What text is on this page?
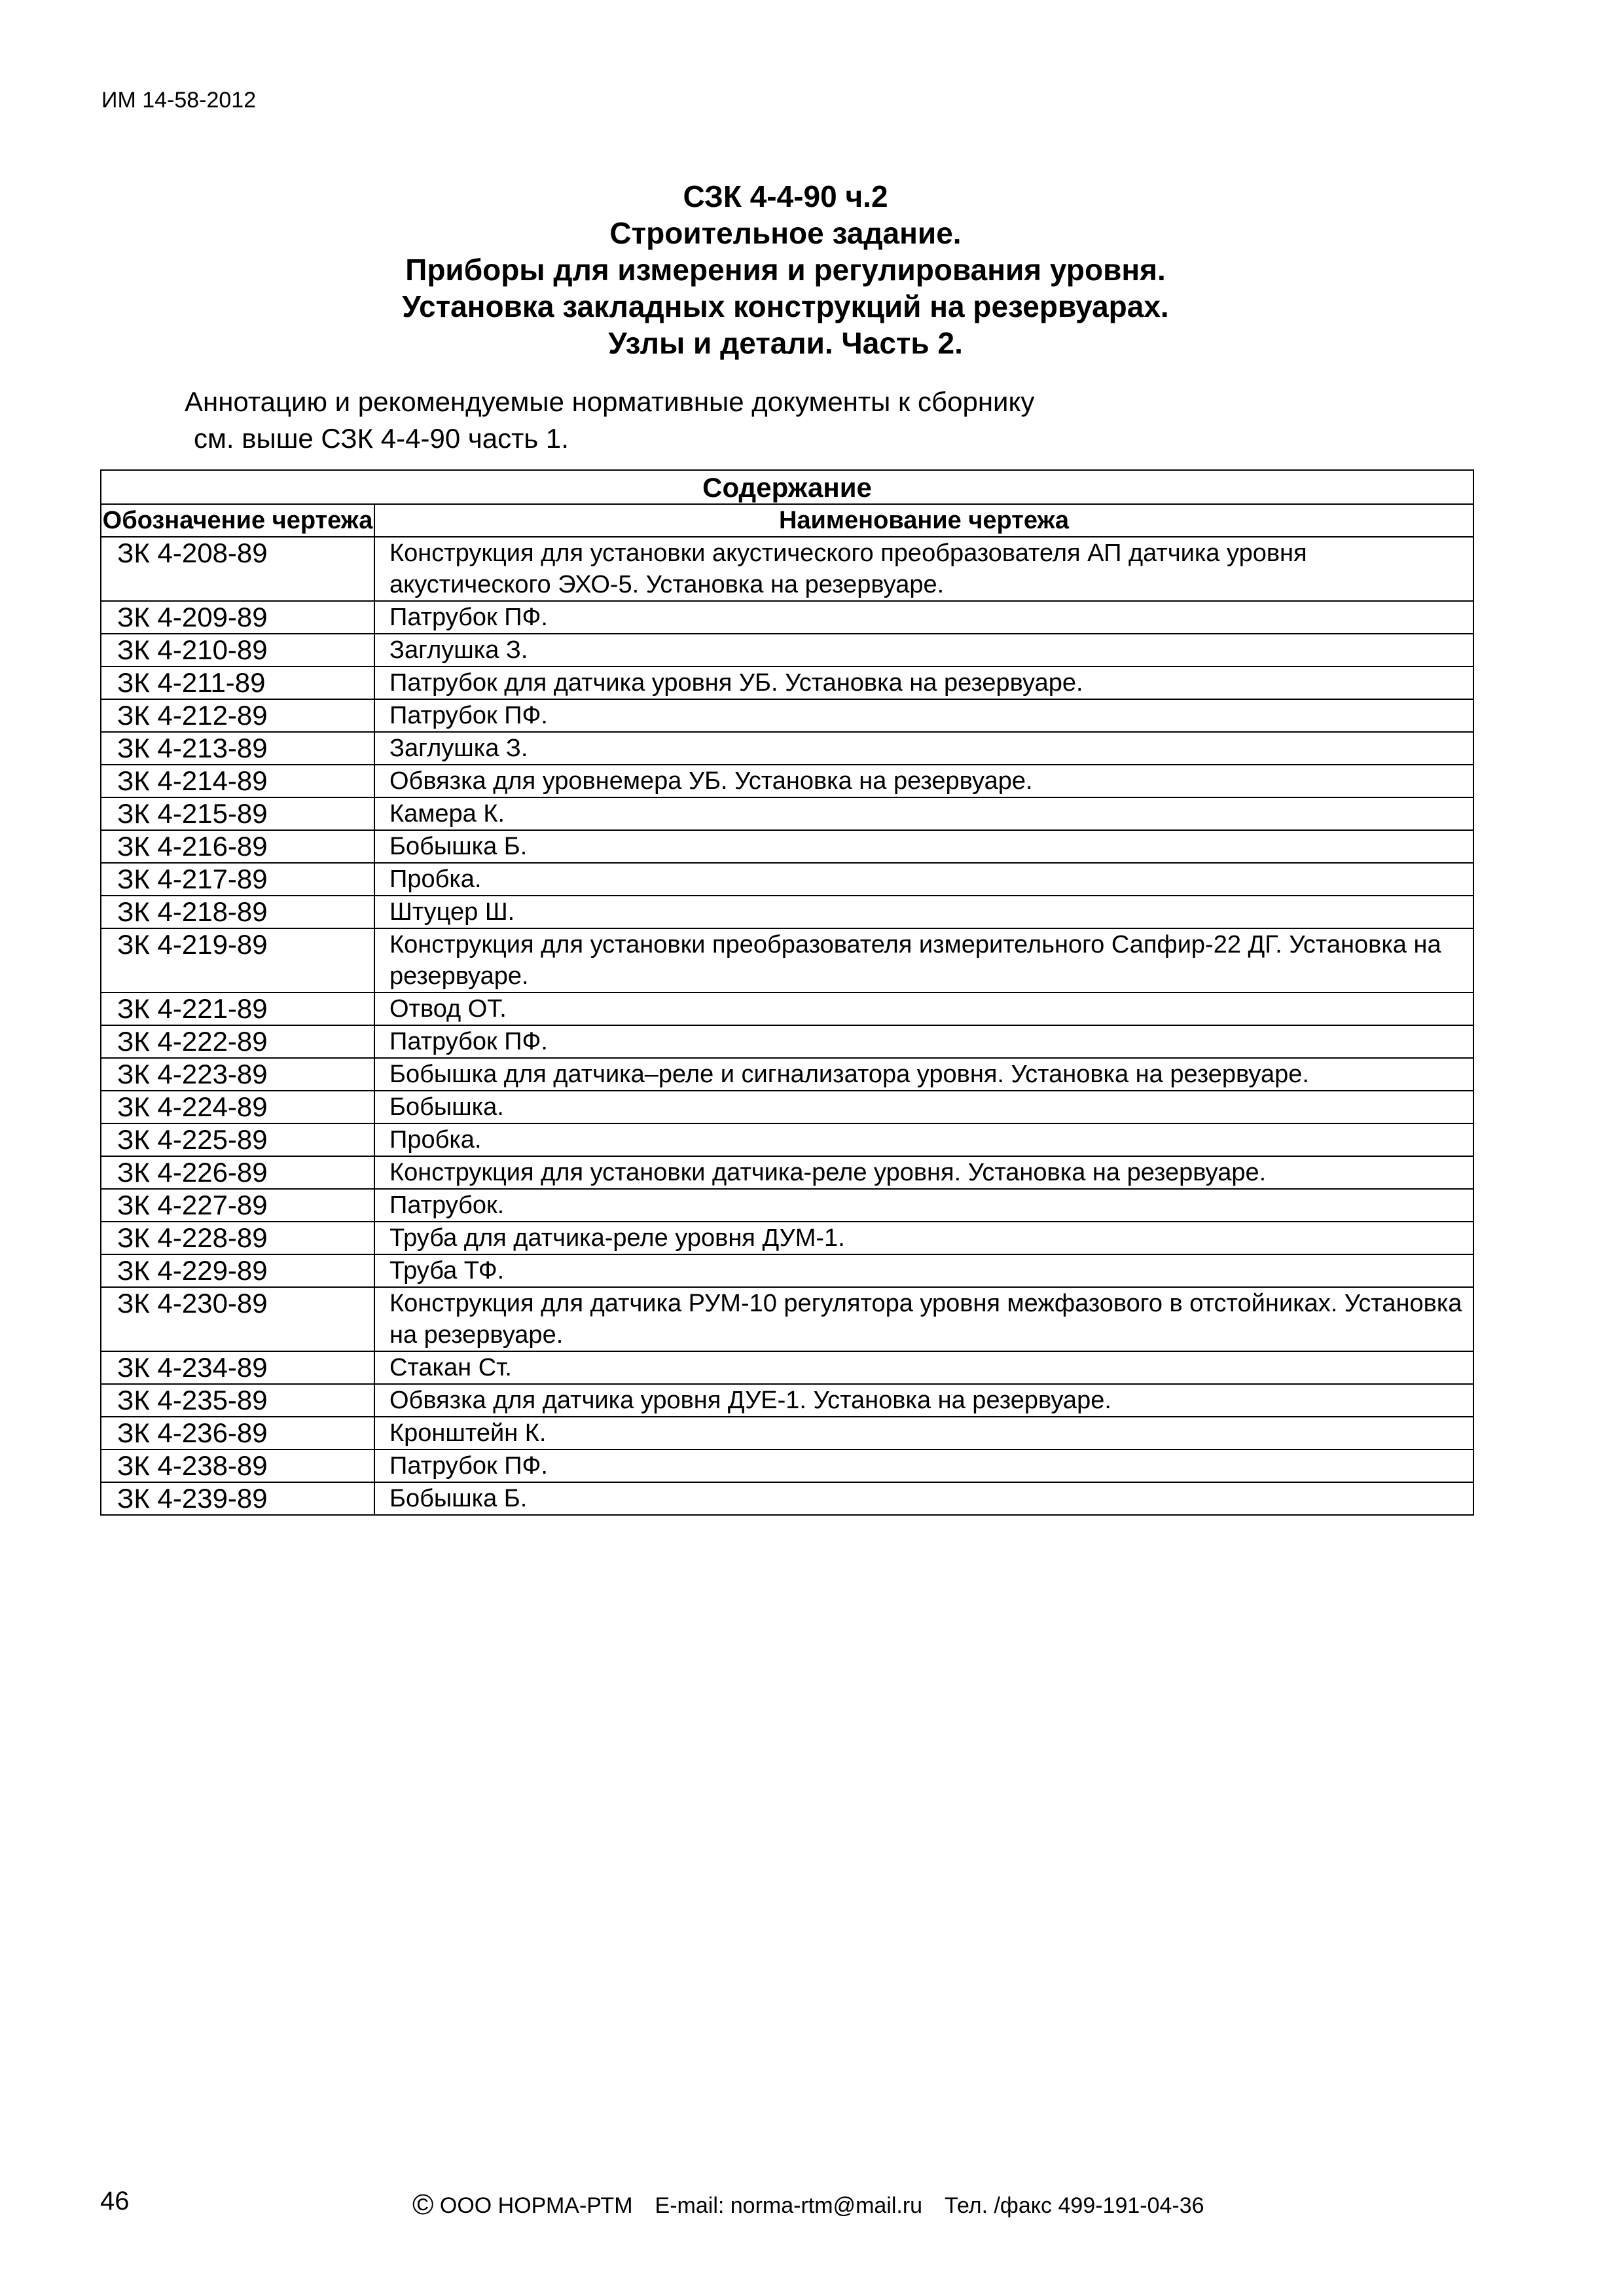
ИМ 14-58-2012
СЗК 4-4-90 ч.2
Строительное задание.
Приборы для измерения и регулирования уровня.
Установка закладных конструкций на резервуарах.
Узлы и детали. Часть 2.
Аннотацию и рекомендуемые нормативные документы к сборнику
см. выше СЗК 4-4-90 часть 1.
Содержание	
Обозначение чертежа	Наименование чертежа
ЗК 4-208-89	Конструкция для установки акустического преобразователя АП датчика уровня акустического ЭХО-5. Установка на резервуаре.
ЗК 4-209-89	Патрубок ПФ.
ЗК 4-210-89	Заглушка З.
ЗК 4-211-89	Патрубок для датчика уровня УБ. Установка на резервуаре.
ЗК 4-212-89	Патрубок ПФ.
ЗК 4-213-89	Заглушка З.
ЗК 4-214-89	Обвязка для уровнемера УБ. Установка на резервуаре.
ЗК 4-215-89	Камера К.
ЗК 4-216-89	Бобышка Б.
ЗК 4-217-89	Пробка.
ЗК 4-218-89	Штуцер Ш.
ЗК 4-219-89	Конструкция для установки преобразователя измерительного Сапфир-22 ДГ. Установка на резервуаре.
ЗК 4-221-89	Отвод ОТ.
ЗК 4-222-89	Патрубок ПФ.
ЗК 4-223-89	Бобышка для датчика–реле и сигнализатора уровня. Установка на резервуаре.
ЗК 4-224-89	Бобышка.
ЗК 4-225-89	Пробка.
ЗК 4-226-89	Конструкция для установки датчика-реле уровня. Установка на резервуаре.
ЗК 4-227-89	Патрубок.
ЗК 4-228-89	Труба для датчика-реле уровня ДУМ-1.
ЗК 4-229-89	Труба ТФ.
ЗК 4-230-89	Конструкция для датчика РУМ-10 регулятора уровня межфазового в отстойниках. Установка на резервуаре.
ЗК 4-234-89	Стакан Ст.
ЗК 4-235-89	Обвязка для датчика уровня ДУЕ-1. Установка на резервуаре.
ЗК 4-236-89	Кронштейн К.
ЗК 4-238-89	Патрубок ПФ.
ЗК 4-239-89	Бобышка Б.
46	© ООО НОРМА-РТМ E-mail: norma-rtm@mail.ru Тел. /факс 499-191-04-36
